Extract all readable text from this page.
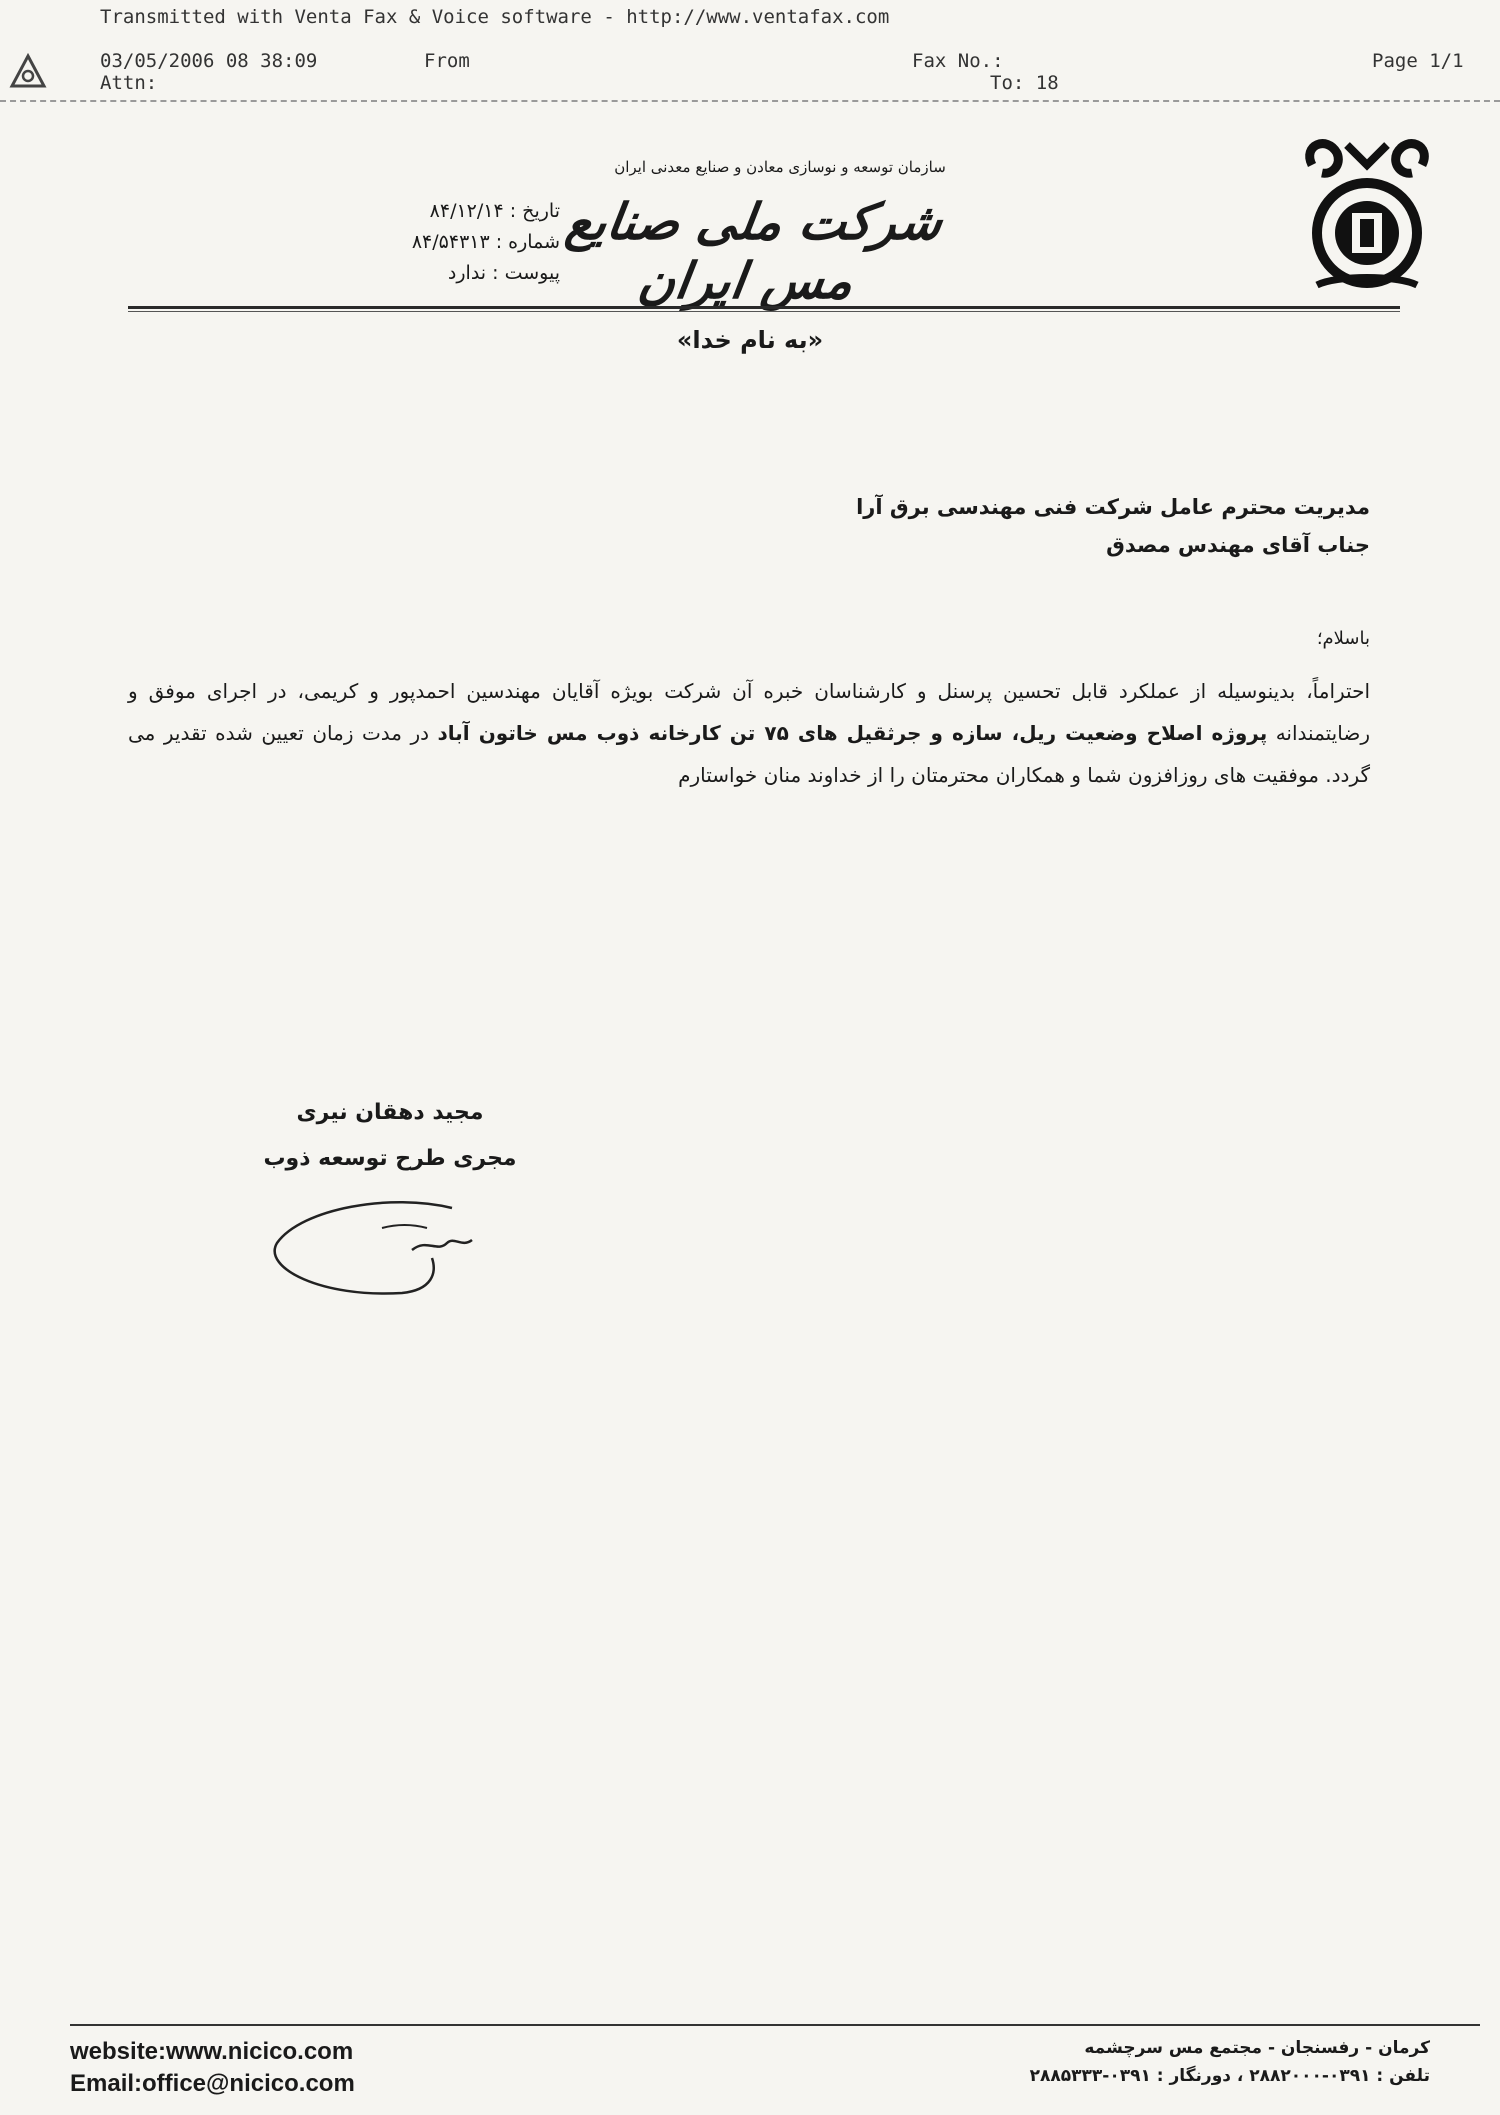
Transmitted with Venta Fax & Voice software - http://www.ventafax.com
03/05/2006 08 38:09	From
Attn:
Fax No.:
To: 18
Page 1/1
سازمان توسعه و نوسازی معادن و صنایع معدنی ایران
شرکت ملی صنایع مس ایران
تاریخ : ۸۴/۱۲/۱۴
شماره : ۸۴/۵۴۳۱۳
پیوست : ندارد
«به نام خدا»
مدیریت محترم عامل شرکت فنی مهندسی برق آرا
جناب آقای مهندس مصدق
باسلام؛
احتراماً، بدینوسیله از عملکرد قابل تحسین پرسنل و کارشناسان خبره آن شرکت بویژه آقایان مهندسین احمدپور و کریمی، در اجرای موفق و رضایتمندانه پروژه اصلاح وضعیت ریل، سازه و جرثقیل های ۷۵ تن کارخانه ذوب مس خاتون آباد در مدت زمان تعیین شده تقدیر می گردد. موفقیت های روزافزون شما و همکاران محترمتان را از خداوند منان خواستارم
مجید دهقان نیری
مجری طرح توسعه ذوب
website:www.nicico.com
Email:office@nicico.com
کرمان - رفسنجان - مجتمع مس سرچشمه
تلفن : ۰۳۹۱-۲۸۸۲۰۰۰ ، دورنگار : ۰۳۹۱-۲۸۸۵۳۳۳
